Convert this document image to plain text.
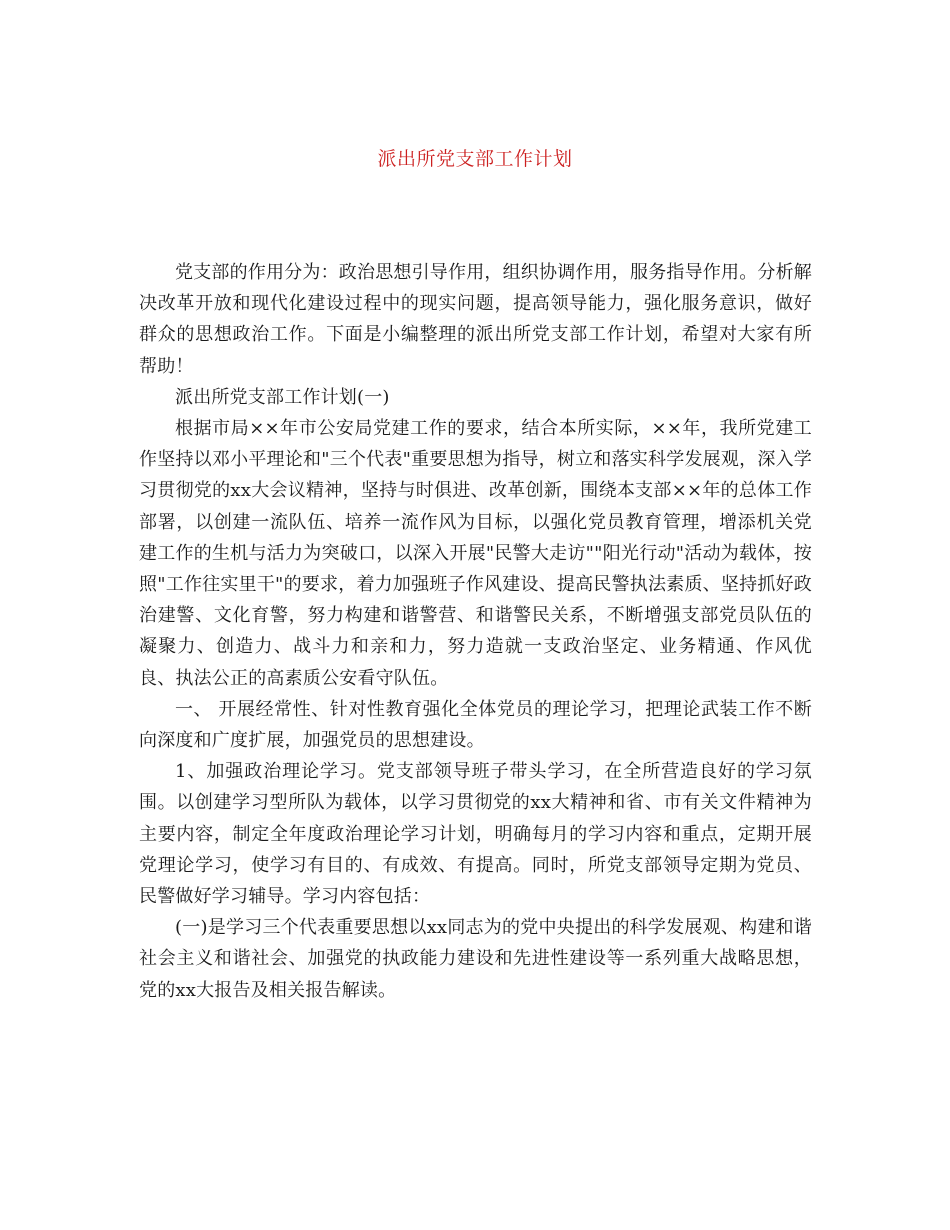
派出所党支部工作计划

党支部的作用分为：政治思想引导作用，组织协调作用，服务指导作用。分析解决改革开放和现代化建设过程中的现实问题，提高领导能力，强化服务意识，做好群众的思想政治工作。下面是小编整理的派出所党支部工作计划，希望对大家有所帮助！

派出所党支部工作计划(一)

根据市局××年市公安局党建工作的要求，结合本所实际，××年，我所党建工作坚持以邓小平理论和"三个代表"重要思想为指导，树立和落实科学发展观，深入学习贯彻党的xx大会议精神，坚持与时俱进、改革创新，围绕本支部××年的总体工作部署，以创建一流队伍、培养一流作风为目标，以强化党员教育管理，增添机关党建工作的生机与活力为突破口，以深入开展"民警大走访""阳光行动"活动为载体，按照"工作往实里干"的要求，着力加强班子作风建设、提高民警执法素质、坚持抓好政治建警、文化育警，努力构建和谐警营、和谐警民关系，不断增强支部党员队伍的凝聚力、创造力、战斗力和亲和力，努力造就一支政治坚定、业务精通、作风优良、执法公正的高素质公安看守队伍。

一、 开展经常性、针对性教育强化全体党员的理论学习，把理论武装工作不断向深度和广度扩展，加强党员的思想建设。

1、加强政治理论学习。党支部领导班子带头学习，在全所营造良好的学习氛围。以创建学习型所队为载体，以学习贯彻党的xx大精神和省、市有关文件精神为主要内容，制定全年度政治理论学习计划，明确每月的学习内容和重点，定期开展党理论学习，使学习有目的、有成效、有提高。同时，所党支部领导定期为党员、民警做好学习辅导。学习内容包括：

(一)是学习三个代表重要思想以xx同志为的党中央提出的科学发展观、构建和谐社会主义和谐社会、加强党的执政能力建设和先进性建设等一系列重大战略思想，党的xx大报告及相关报告解读。
